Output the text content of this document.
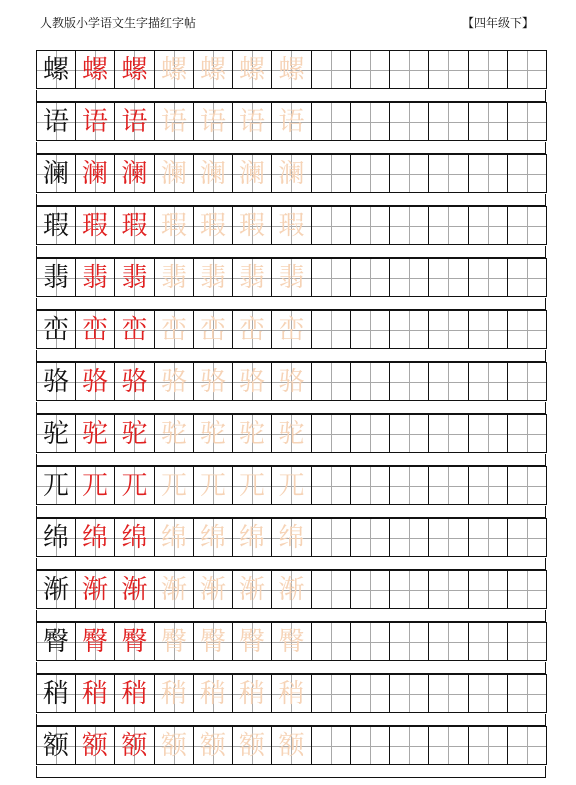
人教版小学语文生字描红字帖	【四年级下】
螺 螺 螺 螺 螺 螺 螺
语 语 语 语 语 语 语
澜 澜 澜 澜 澜 澜 澜
瑕 瑕 瑕 瑕 瑕 瑕 瑕
翡 翡 翡 翡 翡 翡 翡
峦 峦 峦 峦 峦 峦 峦
骆 骆 骆 骆 骆 骆 骆
驼 驼 驼 驼 驼 驼 驼
兀 兀 兀 兀 兀 兀 兀
绵 绵 绵 绵 绵 绵 绵
渐 渐 渐 渐 渐 渐 渐
臀 臀 臀 臀 臀 臀 臀
稍 稍 稍 稍 稍 稍 稍
额 额 额 额 额 额 额
